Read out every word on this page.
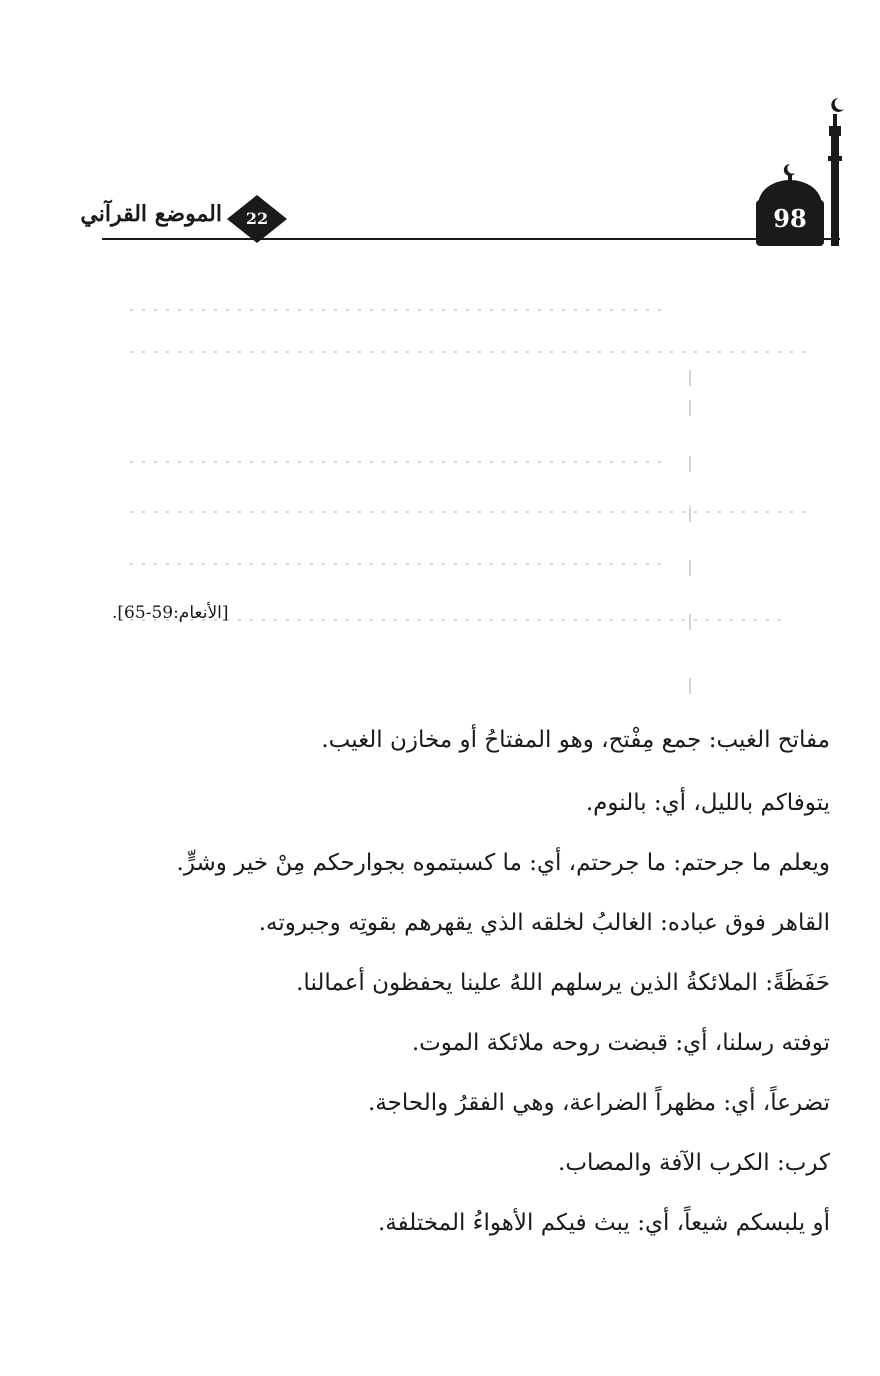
98
22
الموضع القرآني
[الأنعام:59-65].
مفاتح الغيب: جمع مِفْتح، وهو المفتاحُ أو مخازن الغيب.
يتوفاكم بالليل، أي: بالنوم.
ويعلم ما جرحتم: ما جرحتم، أي: ما كسبتموه بجوارحكم مِنْ خير وشرٍّ.
القاهر فوق عباده: الغالبُ لخلقه الذي يقهرهم بقوتِه وجبروته.
حَفَظَةً: الملائكةُ الذين يرسلهم اللهُ علينا يحفظون أعمالنا.
توفته رسلنا، أي: قبضت روحه ملائكة الموت.
تضرعاً، أي: مظهراً الضراعة، وهي الفقرُ والحاجة.
كرب: الكرب الآفة والمصاب.
أو يلبسكم شيعاً، أي: يبث فيكم الأهواءُ المختلفة.
